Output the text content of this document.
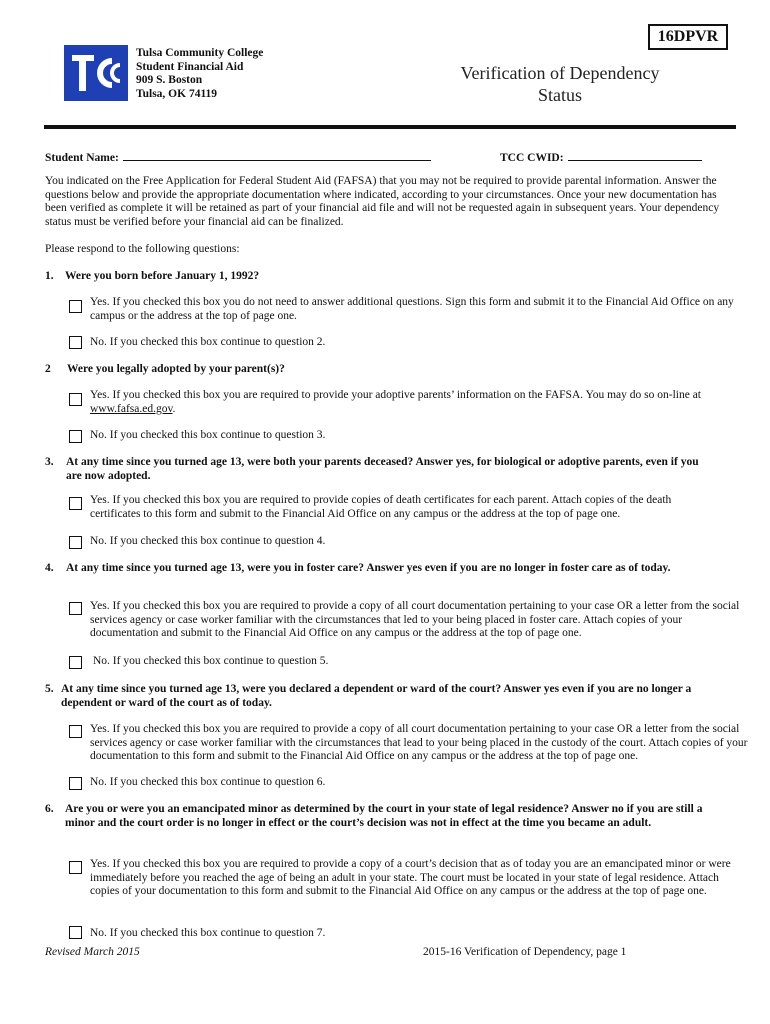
16DPVR
Tulsa Community College
Student Financial Aid
909 S. Boston
Tulsa, OK 74119
Verification of Dependency
Status
Student Name:	TCC CWID:
You indicated on the Free Application for Federal Student Aid (FAFSA) that you may not be required to provide parental information. Answer the questions below and provide the appropriate documentation where indicated, according to your circumstances. Once your new documentation has been verified as complete it will be retained as part of your financial aid file and will not be requested again in subsequent years. Your dependency status must be verified before your financial aid can be finalized.
Please respond to the following questions:
1. Were you born before January 1, 1992?
Yes. If you checked this box you do not need to answer additional questions. Sign this form and submit it to the Financial Aid Office on any campus or the address at the top of page one.
No. If you checked this box continue to question 2.
2 Were you legally adopted by your parent(s)?
Yes. If you checked this box you are required to provide your adoptive parents’ information on the FAFSA. You may do so on-line at
www.fafsa.ed.gov.
No. If you checked this box continue to question 3.
3. At any time since you turned age 13, were both your parents deceased? Answer yes, for biological or adoptive parents, even if you are now adopted.
Yes. If you checked this box you are required to provide copies of death certificates for each parent. Attach copies of the death certificates to this form and submit to the Financial Aid Office on any campus or the address at the top of page one.
No. If you checked this box continue to question 4.
4. At any time since you turned age 13, were you in foster care? Answer yes even if you are no longer in foster care as of today.
Yes. If you checked this box you are required to provide a copy of all court documentation pertaining to your case OR a letter from the social services agency or case worker familiar with the circumstances that led to your being placed in foster care. Attach copies of your documentation and submit to the Financial Aid Office on any campus or the address at the top of page one.
No. If you checked this box continue to question 5.
5. At any time since you turned age 13, were you declared a dependent or ward of the court? Answer yes even if you are no longer a dependent or ward of the court as of today.
Yes. If you checked this box you are required to provide a copy of all court documentation pertaining to your case OR a letter from the social services agency or case worker familiar with the circumstances that lead to your being placed in the custody of the court. Attach copies of your documentation to this form and submit to the Financial Aid Office on any campus or the address at the top of page one.
No. If you checked this box continue to question 6.
6. Are you or were you an emancipated minor as determined by the court in your state of legal residence? Answer no if you are still a minor and the court order is no longer in effect or the court’s decision was not in effect at the time you became an adult.
Yes. If you checked this box you are required to provide a copy of a court’s decision that as of today you are an emancipated minor or were immediately before you reached the age of being an adult in your state. The court must be located in your state of legal residence. Attach copies of your documentation to this form and submit to the Financial Aid Office on any campus or the address at the top of page one.
No. If you checked this box continue to question 7.
Revised March 2015	2015-16 Verification of Dependency, page 1
